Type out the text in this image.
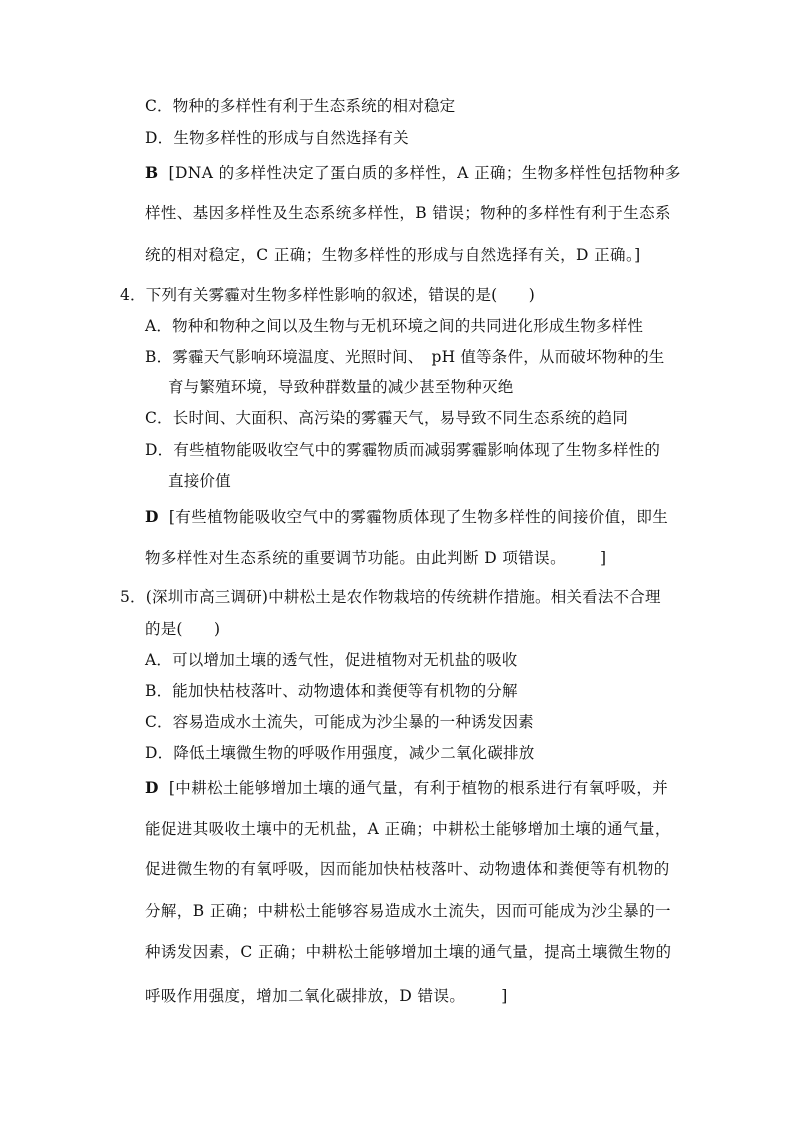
C．物种的多样性有利于生态系统的相对稳定
D．生物多样性的形成与自然选择有关
B [DNA 的多样性决定了蛋白质的多样性，A 正确；生物多样性包括物种多
样性、基因多样性及生态系统多样性，B 错误；物种的多样性有利于生态系
统的相对稳定，C 正确；生物多样性的形成与自然选择有关，D 正确。]
4．下列有关雾霾对生物多样性影响的叙述，错误的是(　　)
A．物种和物种之间以及生物与无机环境之间的共同进化形成生物多样性
B．雾霾天气影响环境温度、光照时间、　pH 值等条件，从而破坏物种的生
育与繁殖环境，导致种群数量的减少甚至物种灭绝
C．长时间、大面积、高污染的雾霾天气，易导致不同生态系统的趋同
D．有些植物能吸收空气中的雾霾物质而减弱雾霾影响体现了生物多样性的
直接价值
D [有些植物能吸收空气中的雾霾物质体现了生物多样性的间接价值，即生
物多样性对生态系统的重要调节功能。由此判断 D 项错误。 ]
5．(深圳市高三调研)中耕松土是农作物栽培的传统耕作措施。相关看法不合理
的是(　　)
A．可以增加土壤的透气性，促进植物对无机盐的吸收
B．能加快枯枝落叶、动物遗体和粪便等有机物的分解
C．容易造成水土流失，可能成为沙尘暴的一种诱发因素
D．降低土壤微生物的呼吸作用强度，减少二氧化碳排放
D [中耕松土能够增加土壤的通气量，有利于植物的根系进行有氧呼吸，并
能促进其吸收土壤中的无机盐，A 正确；中耕松土能够增加土壤的通气量，
促进微生物的有氧呼吸，因而能加快枯枝落叶、动物遗体和粪便等有机物的
分解，B 正确；中耕松土能够容易造成水土流失，因而可能成为沙尘暴的一
种诱发因素，C 正确；中耕松土能够增加土壤的通气量，提高土壤微生物的
呼吸作用强度，增加二氧化碳排放，D 错误。 ]
